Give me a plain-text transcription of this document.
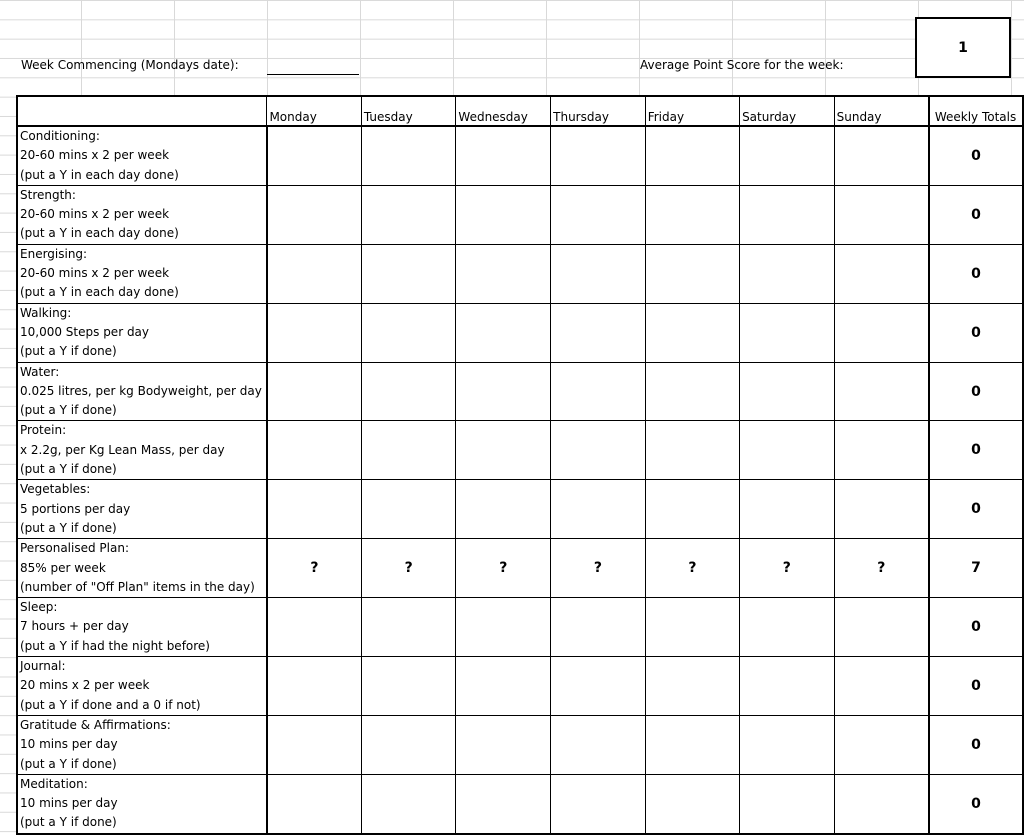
Week Commencing (Mondays date):	Average Point Score for the week:
1
	Monday	Tuesday	Wednesday	Thursday	Friday	Saturday	Sunday	Weekly Totals

Conditioning:
20-60 mins x 2 per week
(put a Y in each day done)								0

Strength:
20-60 mins x 2 per week
(put a Y in each day done)								0

Energising:
20-60 mins x 2 per week
(put a Y in each day done)								0

Walking:
10,000 Steps per day
(put a Y if done)								0

Water:
0.025 litres, per kg Bodyweight, per day
(put a Y if done)								0

Protein:
x 2.2g, per Kg Lean Mass, per day
(put a Y if done)								0

Vegetables:
5 portions per day
(put a Y if done)								0

Personalised Plan:
85% per week
(number of "Off Plan" items in the day)	?	?	?	?	?	?	?	7

Sleep:
7 hours + per day
(put a Y if had the night before)								0

Journal:
20 mins x 2 per week
(put a Y if done and a 0 if not)								0

Gratitude & Affirmations:
10 mins per day
(put a Y if done)								0

Meditation:
10 mins per day
(put a Y if done)								0
